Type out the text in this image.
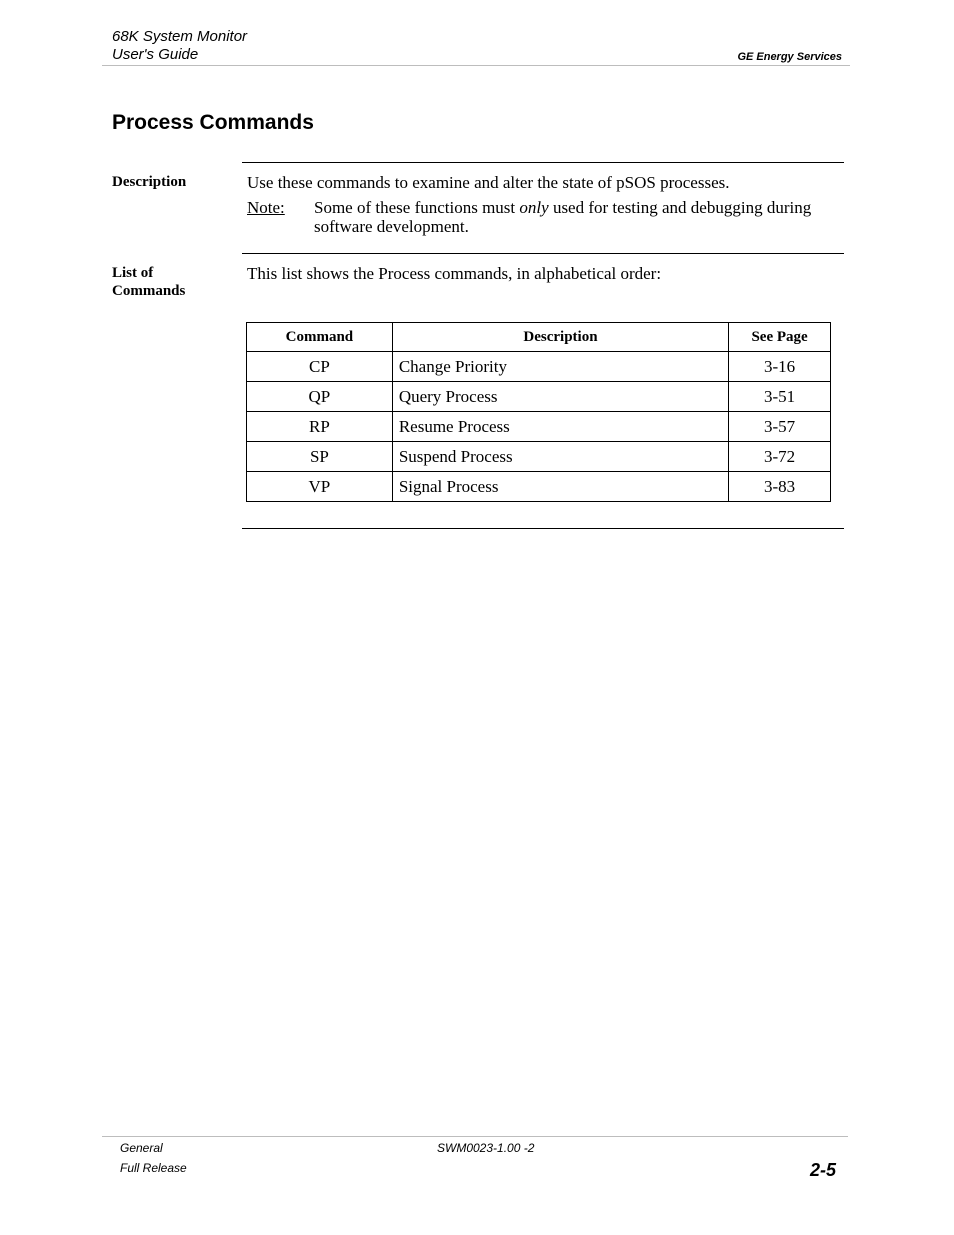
68K System Monitor
User's Guide	GE Energy Services
Process Commands
Description	Use these commands to examine and alter the state of pSOS processes.
Note: Some of these functions must only used for testing and debugging during software development.
List of
Commands
This list shows the Process commands, in alphabetical order:
Command	Description	See Page
CP	Change Priority	3-16
QP	Query Process	3-51
RP	Resume Process	3-57
SP	Suspend Process	3-72
VP	Signal Process	3-83
General
Full Release
SWM0023-1.00 -2
2-5
